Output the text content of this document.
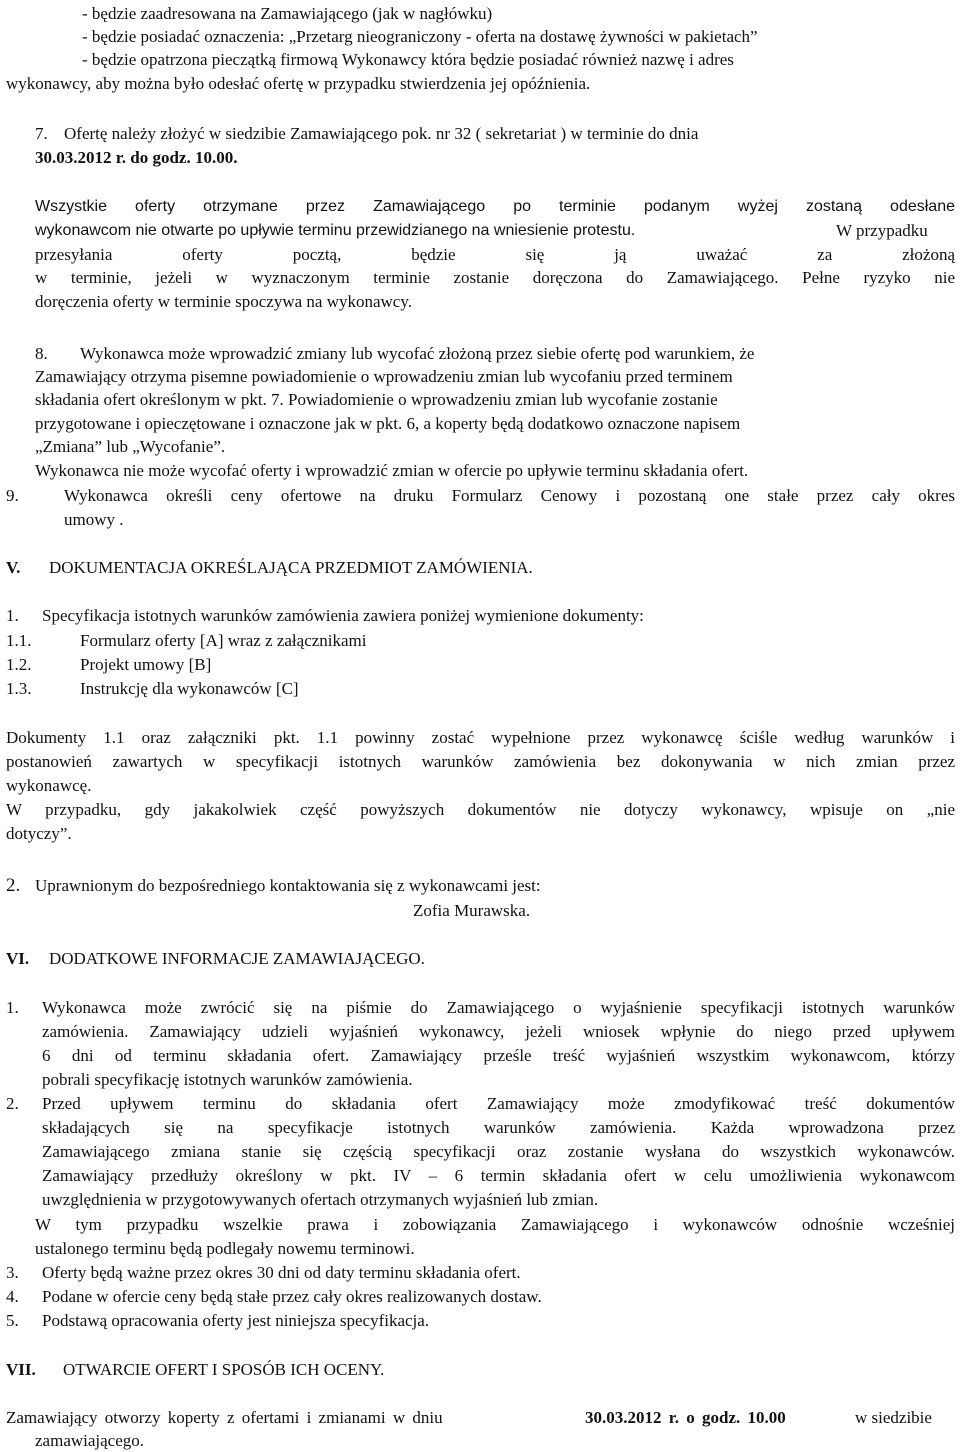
- będzie zaadresowana na Zamawiającego (jak w nagłówku)
- będzie posiadać oznaczenia: „Przetarg nieograniczony - oferta na dostawę żywności w pakietach”
- będzie opatrzona pieczątką firmową Wykonawcy która będzie posiadać również nazwę i adres
wykonawcy, aby można było odesłać ofertę w przypadku stwierdzenia jej opóźnienia.
7. Ofertę należy złożyć w siedzibie Zamawiającego pok. nr 32 ( sekretariat ) w terminie do dnia
30.03.2012 r. do godz. 10.00.
Wszystkie oferty otrzymane przez Zamawiającego po terminie podanym wyżej zostaną odesłane
wykonawcom nie otwarte po upływie terminu przewidzianego na wniesienie protestu.	W przypadku
przesyłania oferty pocztą, będzie się ją uważać za złożoną
w terminie, jeżeli w wyznaczonym terminie zostanie doręczona do Zamawiającego. Pełne ryzyko nie
doręczenia oferty w terminie spoczywa na wykonawcy.
8. Wykonawca może wprowadzić zmiany lub wycofać złożoną przez siebie ofertę pod warunkiem, że
Zamawiający otrzyma pisemne powiadomienie o wprowadzeniu zmian lub wycofaniu przed terminem
składania ofert określonym w pkt. 7. Powiadomienie o wprowadzeniu zmian lub wycofanie zostanie
przygotowane i opieczętowane i oznaczone jak w pkt. 6, a koperty będą dodatkowo oznaczone napisem
„Zmiana” lub „Wycofanie”.
Wykonawca nie może wycofać oferty i wprowadzić zmian w ofercie po upływie terminu składania ofert.
9.	Wykonawca określi ceny ofertowe na druku Formularz Cenowy i pozostaną one stałe przez cały okres
umowy .
V. DOKUMENTACJA OKREŚLAJĄCA PRZEDMIOT ZAMÓWIENIA.
1. Specyfikacja istotnych warunków zamówienia zawiera poniżej wymienione dokumenty:
1.1.	Formularz oferty [A] wraz z załącznikami
1.2.	Projekt umowy [B]
1.3.	Instrukcję dla wykonawców [C]
Dokumenty 1.1 oraz załączniki pkt. 1.1 powinny zostać wypełnione przez wykonawcę ściśle według warunków i
postanowień zawartych w specyfikacji istotnych warunków zamówienia bez dokonywania w nich zmian przez
wykonawcę.
W przypadku, gdy jakakolwiek część powyższych dokumentów nie dotyczy wykonawcy, wpisuje on „nie
dotyczy”.
2. Uprawnionym do bezpośredniego kontaktowania się z wykonawcami jest:
Zofia Murawska.
VI. DODATKOWE INFORMACJE ZAMAWIAJĄCEGO.
1. Wykonawca może zwrócić się na piśmie do Zamawiającego o wyjaśnienie specyfikacji istotnych warunków
zamówienia. Zamawiający udzieli wyjaśnień wykonawcy, jeżeli wniosek wpłynie do niego przed upływem
6 dni od terminu składania ofert. Zamawiający prześle treść wyjaśnień wszystkim wykonawcom, którzy
pobrali specyfikację istotnych warunków zamówienia.
2. Przed upływem terminu do składania ofert Zamawiający może zmodyfikować treść dokumentów
składających się na specyfikacje istotnych warunków zamówienia. Każda wprowadzona przez
Zamawiającego zmiana stanie się częścią specyfikacji oraz zostanie wysłana do wszystkich wykonawców.
Zamawiający przedłuży określony w pkt. IV – 6 termin składania ofert w celu umożliwienia wykonawcom
uwzględnienia w przygotowywanych ofertach otrzymanych wyjaśnień lub zmian.
W tym przypadku wszelkie prawa i zobowiązania Zamawiającego i wykonawców odnośnie wcześniej
ustalonego terminu będą podlegały nowemu terminowi.
3. Oferty będą ważne przez okres 30 dni od daty terminu składania ofert.
4. Podane w ofercie ceny będą stałe przez cały okres realizowanych dostaw.
5. Podstawą opracowania oferty jest niniejsza specyfikacja.
VII. OTWARCIE OFERT I SPOSÓB ICH OCENY.
Zamawiający otworzy koperty z ofertami i zmianami w dniu	30.03.2012 r. o godz. 10.00	w siedzibie
zamawiającego.
